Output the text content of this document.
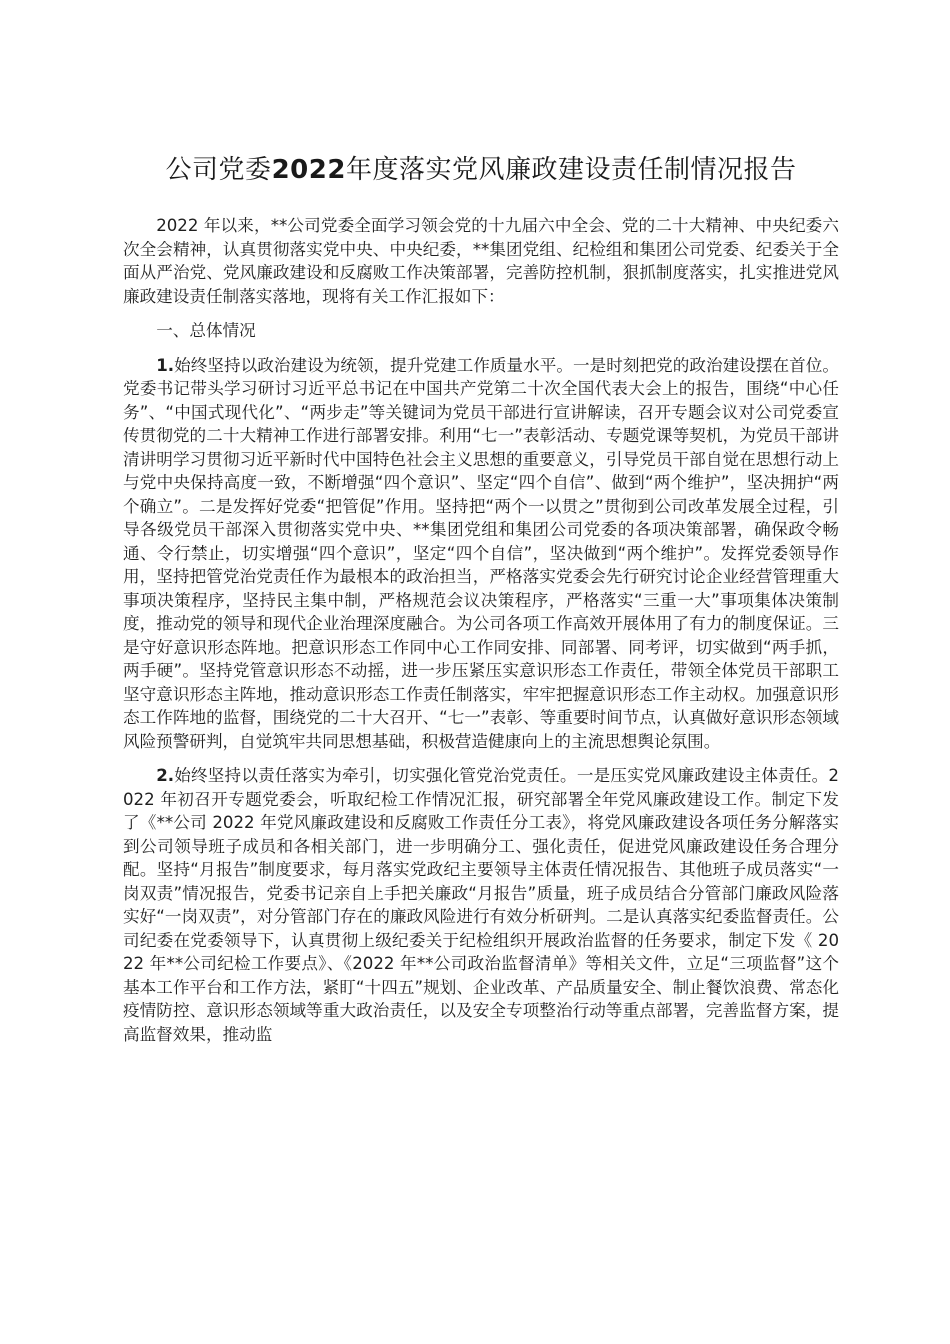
公司党委2022年度落实党风廉政建设责任制情况报告

2022 年以来，**公司党委全面学习领会党的十九届六中全会、党的二十大精神、中央纪委六次全会精神，认真贯彻落实党中央、中央纪委，**集团党组、纪检组和集团公司党委、纪委关于全面从严治党、党风廉政建设和反腐败工作决策部署，完善防控机制，狠抓制度落实，扎实推进党风廉政建设责任制落实落地，现将有关工作汇报如下：

一、总体情况

1.始终坚持以政治建设为统领，提升党建工作质量水平。一是时刻把党的政治建设摆在首位。党委书记带头学习研讨习近平总书记在中国共产党第二十次全国代表大会上的报告，围绕“中心任务”、“中国式现代化”、“两步走”等关键词为党员干部进行宣讲解读，召开专题会议对公司党委宣传贯彻党的二十大精神工作进行部署安排。利用“七一”表彰活动、专题党课等契机，为党员干部讲清讲明学习贯彻习近平新时代中国特色社会主义思想的重要意义，引导党员干部自觉在思想行动上与党中央保持高度一致，不断增强“四个意识”、坚定“四个自信”、做到“两个维护”，坚决拥护“两个确立”。二是发挥好党委“把管促”作用。坚持把“两个一以贯之”贯彻到公司改革发展全过程，引导各级党员干部深入贯彻落实党中央、**集团党组和集团公司党委的各项决策部署，确保政令畅通、令行禁止，切实增强“四个意识”，坚定“四个自信”，坚决做到“两个维护”。发挥党委领导作用，坚持把管党治党责任作为最根本的政治担当，严格落实党委会先行研究讨论企业经营管理重大事项决策程序，坚持民主集中制，严格规范会议决策程序，严格落实“三重一大”事项集体决策制度，推动党的领导和现代企业治理深度融合。为公司各项工作高效开展体用了有力的制度保证。三是守好意识形态阵地。把意识形态工作同中心工作同安排、同部署、同考评，切实做到“两手抓，两手硬”。坚持党管意识形态不动摇，进一步压紧压实意识形态工作责任，带领全体党员干部职工坚守意识形态主阵地，推动意识形态工作责任制落实，牢牢把握意识形态工作主动权。加强意识形态工作阵地的监督，围绕党的二十大召开、“七一”表彰、等重要时间节点，认真做好意识形态领域风险预警研判，自觉筑牢共同思想基础，积极营造健康向上的主流思想舆论氛围。

2.始终坚持以责任落实为牵引，切实强化管党治党责任。一是压实党风廉政建设主体责任。2022 年初召开专题党委会，听取纪检工作情况汇报，研究部署全年党风廉政建设工作。制定下发了《**公司 2022 年党风廉政建设和反腐败工作责任分工表》，将党风廉政建设各项任务分解落实到公司领导班子成员和各相关部门，进一步明确分工、强化责任，促进党风廉政建设任务合理分配。坚持“月报告”制度要求，每月落实党政纪主要领导主体责任情况报告、其他班子成员落实“一岗双责”情况报告，党委书记亲自上手把关廉政“月报告”质量，班子成员结合分管部门廉政风险落实好“一岗双责”，对分管部门存在的廉政风险进行有效分析研判。二是认真落实纪委监督责任。公司纪委在党委领导下，认真贯彻上级纪委关于纪检组织开展政治监督的任务要求，制定下发《 2022 年**公司纪检工作要点》、《2022 年**公司政治监督清单》等相关文件，立足“三项监督”这个基本工作平台和工作方法，紧盯“十四五”规划、企业改革、产品质量安全、制止餐饮浪费、常态化疫情防控、意识形态领域等重大政治责任，以及安全专项整治行动等重点部署，完善监督方案，提高监督效果，推动监
